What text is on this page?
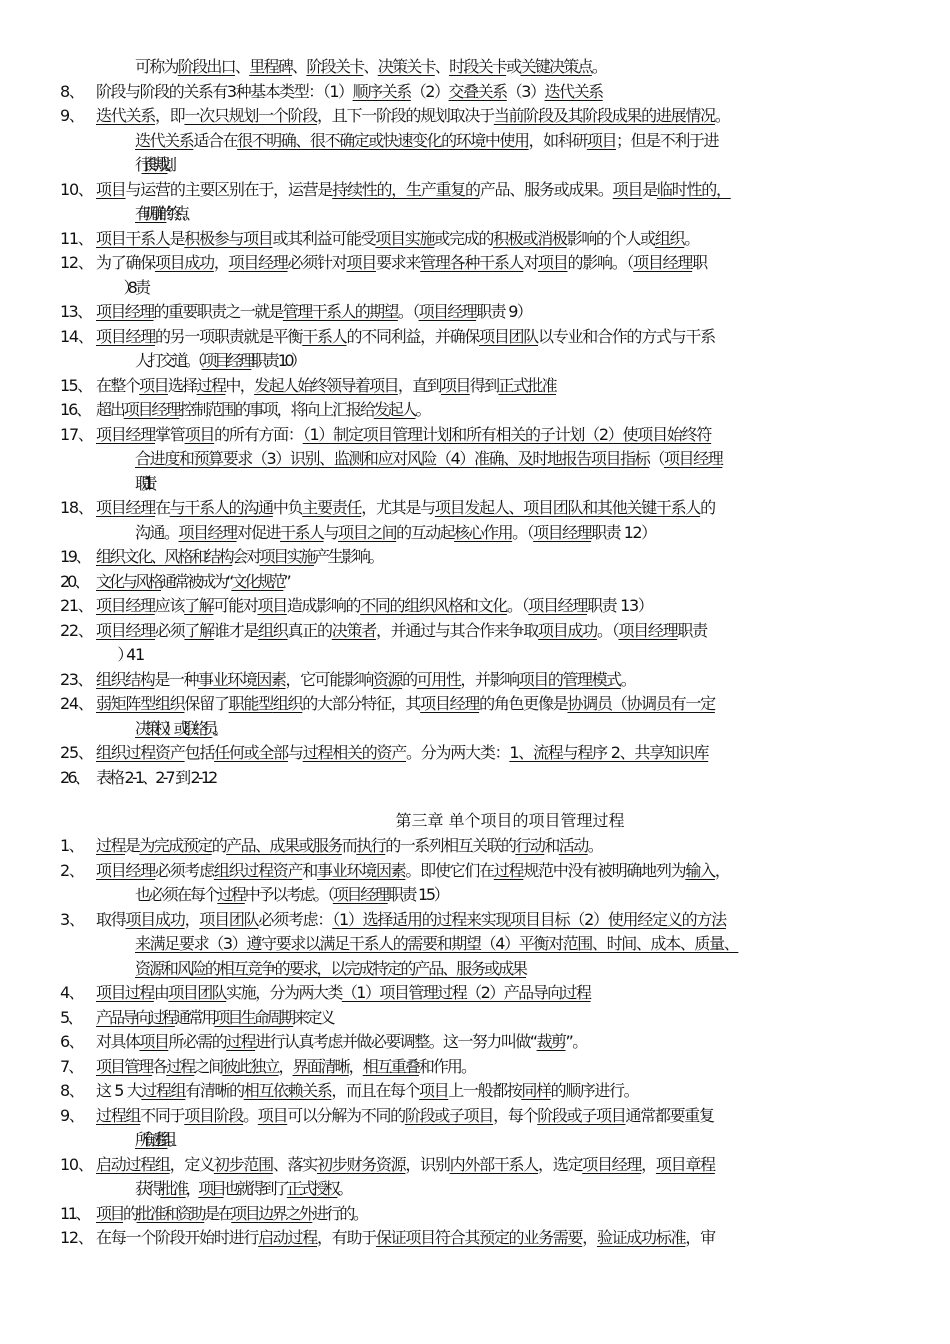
可称为阶段出口、里程碑、阶段关卡、决策关卡、时段关卡或关键决策点。

8、 阶段与阶段的关系有3种基本类型：（1）顺序关系（2）交叠关系（3）迭代关系

9、 迭代关系，即一次只规划一个阶段，且下一阶段的规划取决于当前阶段及其阶段成果的进展情况。
迭代关系适合在很不明确、很不确定或快速变化的环境中使用，如科研项目；但是不利于进
行长期规划。

10、 项目与运营的主要区别在于，运营是持续性的，生产重复的产品、服务或成果。项目是临时性的，
有明确的终点。

11、 项目干系人是积极参与项目或其利益可能受项目实施或完成的积极或消极影响的个人或组织。

12、 为了确保项目成功，项目经理必须针对项目要求来管理各种干系人对项目的影响。（项目经理职

13、 项目经理的重要职责之一就是管理干系人的期望。（项目经理职责 9）

14、 项目经理的另一项职责就是平衡干系人的不同利益，并确保项目团队以专业和合作的方式与干系
人打交道。（项目经理职责 10）

15、 在整个项目选择过程中，发起人始终领导着项目，直到项目得到正式批准

16、 超出项目经理控制范围的事项，将向上汇报给发起人。

17、 项目经理掌管项目的所有方面：（1）制定项目管理计划和所有相关的子计划（2）使项目始终符
合进度和预算要求（3）识别、监测和应对风险（4）准确、及时地报告项目指标（项目经理
职责 11）

18、 项目经理在与干系人的沟通中负主要责任，尤其是与项目发起人、项目团队和其他关键干系人的
沟通。项目经理对促进干系人与项目之间的互动起核心作用。（项目经理职责 12）

19、 组织文化、风格和结构会对项目实施产生影响。

20、 文化与风格通常被成为“文化规范”

21、 项目经理应该了解可能对项目造成影响的不同的组织风格和文化。（项目经理职责 13）

22、 项目经理必须了解谁才是组织真正的决策者，并通过与其合作来争取项目成功。（项目经理职责

23、 组织结构是一种事业环境因素，它可能影响资源的可用性，并影响项目的管理模式。

24、 弱矩阵型组织保留了职能型组织的大部分特征，其项目经理的角色更像是协调员（协调员有一定
决策权）或联络员。

25、 组织过程资产包括任何或全部与过程相关的资产。分为两大类：1、流程与程序 2、共享知识库

26、 表格 2-1、2-7 到 2-12

第三章 单个项目的项目管理过程

1、 过程是为完成预定的产品、成果或服务而执行的一系列相互关联的行动和活动。

2、 项目经理必须考虑组织过程资产和事业环境因素。即使它们在过程规范中没有被明确地列为输入，
也必须在每个过程中予以考虑。（项目经理职责 15）

3、 取得项目成功，项目团队必须考虑：（1）选择适用的过程来实现项目目标（2）使用经定义的方法
来满足要求（3）遵守要求以满足干系人的需要和期望（4）平衡对范围、时间、成本、质量、
资源和风险的相互竞争的要求，以完成特定的产品、服务或成果

4、 项目过程由项目团队实施，分为两大类（1）项目管理过程（2）产品导向过程

5、 产品导向过程通常用项目生命周期来定义

6、 对具体项目所必需的过程进行认真考虑并做必要调整。这一努力叫做“裁剪”。

7、 项目管理各过程之间彼此独立，界面清晰，相互重叠和作用。

8、 这 5 大过程组有清晰的相互依赖关系，而且在每个项目上一般都按同样的顺序进行。

9、 过程组不同于项目阶段。项目可以分解为不同的阶段或子项目，每个阶段或子项目通常都要重复
所有过程组。

10、 启动过程组，定义初步范围、落实初步财务资源，识别内外部干系人，选定项目经理，项目章程
获得批准，项目也就得到了正式授权。

11、 项目的批准和资助是在项目边界之外进行的。

12、 在每一个阶段开始时进行启动过程，有助于保证项目符合其预定的业务需要，验证成功标准，审
